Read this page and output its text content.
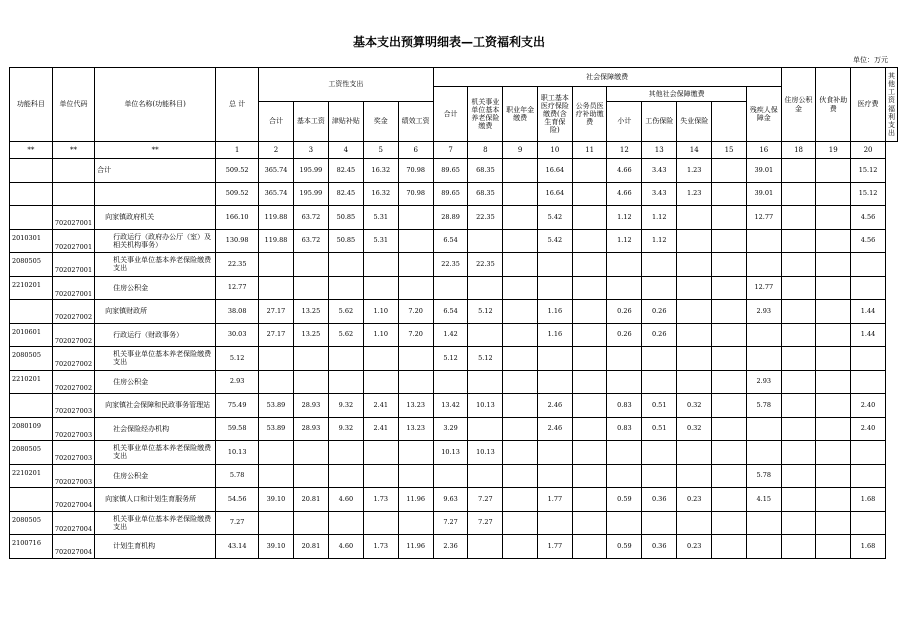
基本支出预算明细表—工资福利支出
单位：万元
功能科目	单位代码	单位名称(功能科目)	总 计	工资性支出					社会保障缴费										住房公积金	伙食补助费	医疗费	其他工资福利支出
									合计	机关事业单位基本养老保险缴费	职业年金缴费	职工基本医疗保险缴费(含生育保险)	公务员医疗补助缴费	其他社会保障缴费				残疾人保障金				
				合计	基本工资	津贴补贴	奖金	绩效工资						小计	工伤保险	失业保险						
**	**	**	1	2	3	4	5	6	7	8	9	10	11	12	13	14	15	16	18	19	20	
		合计	509.52	365.74	195.99	82.45	16.32	70.98	89.65	68.35		16.64		4.66	3.43	1.23		39.01			15.12	
			509.52	365.74	195.99	82.45	16.32	70.98	89.65	68.35		16.64		4.66	3.43	1.23		39.01			15.12	
	702027001	向家镇政府机关	166.10	119.88	63.72	50.85	5.31		28.89	22.35		5.42		1.12	1.12			12.77			4.56	
2010301	702027001	行政运行（政府办公厅（室）及相关机构事务）	130.98	119.88	63.72	50.85	5.31		6.54			5.42		1.12	1.12						4.56	
2080505	702027001	机关事业单位基本养老保险缴费支出	22.35						22.35	22.35												
2210201	702027001	住房公积金	12.77															12.77				
	702027002	向家镇财政所	38.08	27.17	13.25	5.62	1.10	7.20	6.54	5.12		1.16		0.26	0.26			2.93			1.44	
2010601	702027002	行政运行（财政事务）	30.03	27.17	13.25	5.62	1.10	7.20	1.42			1.16		0.26	0.26						1.44	
2080505	702027002	机关事业单位基本养老保险缴费支出	5.12						5.12	5.12												
2210201	702027002	住房公积金	2.93															2.93				
	702027003	向家镇社会保障和民政事务管理站	75.49	53.89	28.93	9.32	2.41	13.23	13.42	10.13		2.46		0.83	0.51	0.32		5.78			2.40	
2080109	702027003	社会保险经办机构	59.58	53.89	28.93	9.32	2.41	13.23	3.29			2.46		0.83	0.51	0.32					2.40	
2080505	702027003	机关事业单位基本养老保险缴费支出	10.13						10.13	10.13												
2210201	702027003	住房公积金	5.78															5.78				
	702027004	向家镇人口和计划生育服务所	54.56	39.10	20.81	4.60	1.73	11.96	9.63	7.27		1.77		0.59	0.36	0.23		4.15			1.68	
2080505	702027004	机关事业单位基本养老保险缴费支出	7.27						7.27	7.27												
2100716	702027004	计划生育机构	43.14	39.10	20.81	4.60	1.73	11.96	2.36			1.77		0.59	0.36	0.23					1.68	
